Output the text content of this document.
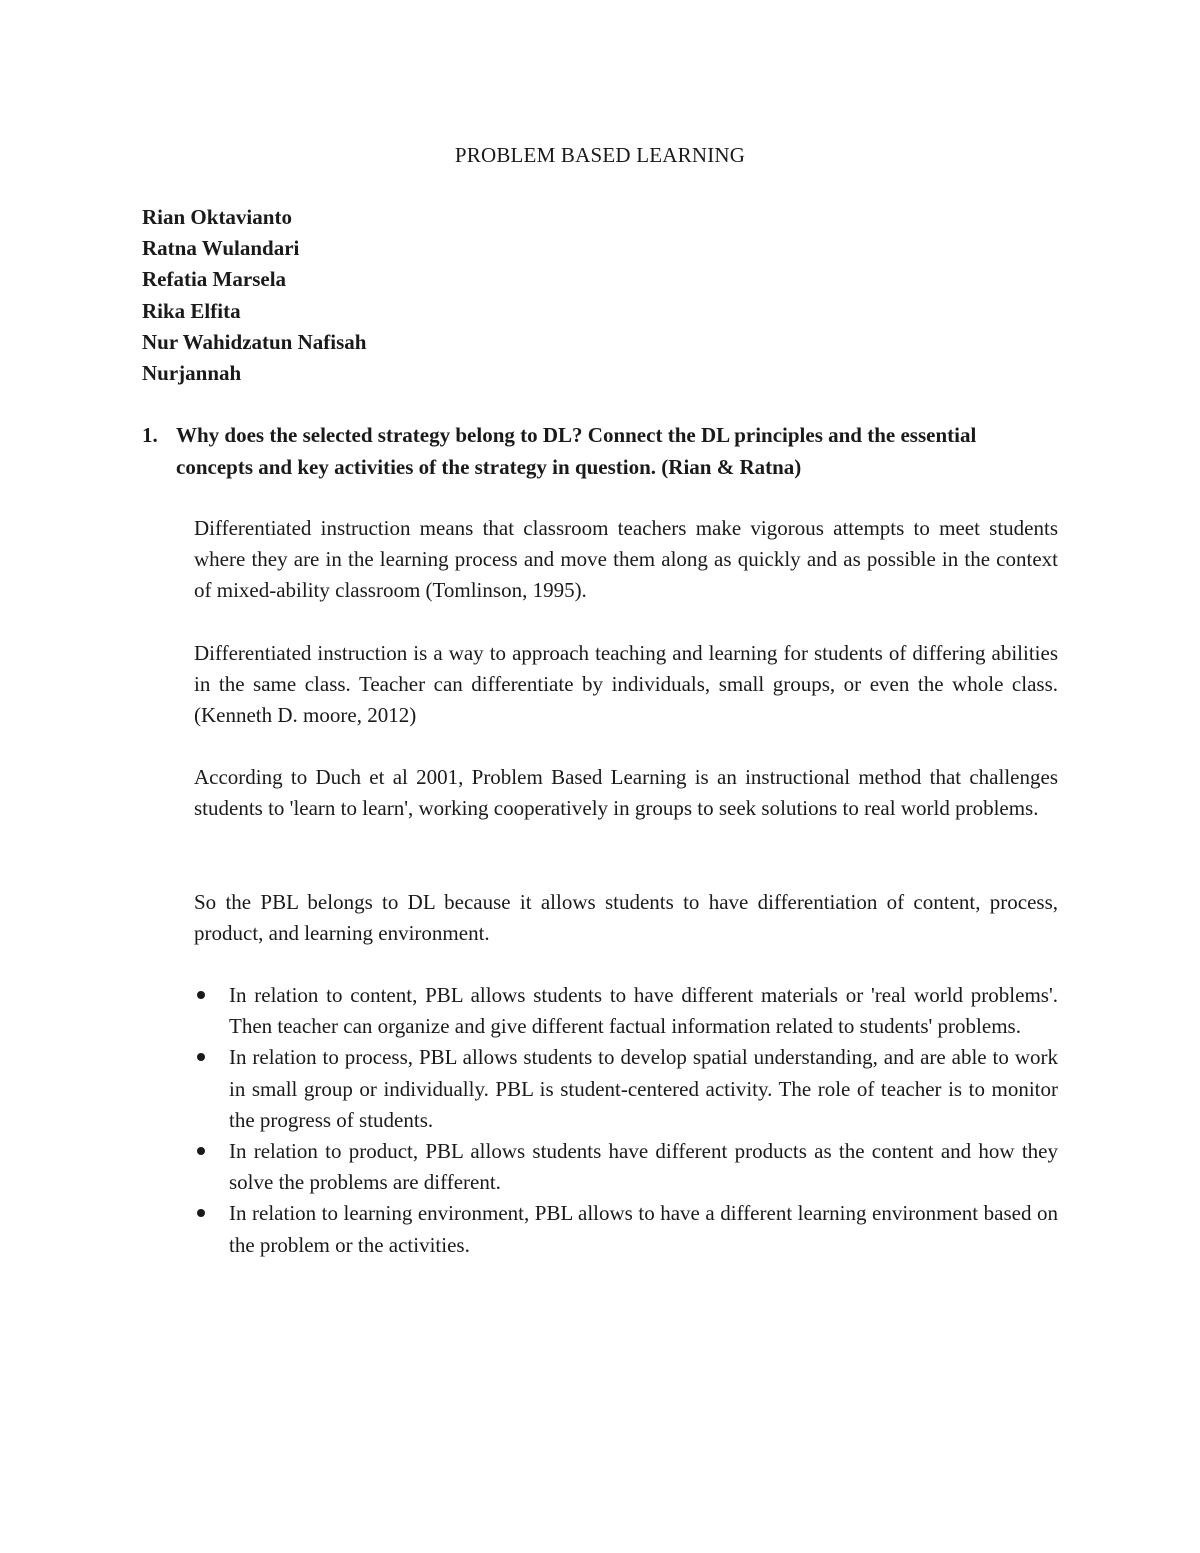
PROBLEM BASED LEARNING
Rian Oktavianto
Ratna Wulandari
Refatia Marsela
Rika Elfita
Nur Wahidzatun Nafisah
Nurjannah
1. Why does the selected strategy belong to DL? Connect the DL principles and the essential concepts and key activities of the strategy in question. (Rian & Ratna)
Differentiated instruction means that classroom teachers make vigorous attempts to meet students where they are in the learning process and move them along as quickly and as possible in the context of mixed-ability classroom (Tomlinson, 1995).
Differentiated instruction is a way to approach teaching and learning for students of differing abilities in the same class. Teacher can differentiate by individuals, small groups, or even the whole class. (Kenneth D. moore, 2012)
According to Duch et al 2001, Problem Based Learning is an instructional method that challenges students to 'learn to learn', working cooperatively in groups to seek solutions to real world problems.
So the PBL belongs to DL because it allows students to have differentiation of content, process, product, and learning environment.
In relation to content, PBL allows students to have different materials or 'real world problems'. Then teacher can organize and give different factual information related to students' problems.
In relation to process, PBL allows students to develop spatial understanding, and are able to work in small group or individually. PBL is student-centered activity. The role of teacher is to monitor the progress of students.
In relation to product, PBL allows students have different products as the content and how they solve the problems are different.
In relation to learning environment, PBL allows to have a different learning environment based on the problem or the activities.
